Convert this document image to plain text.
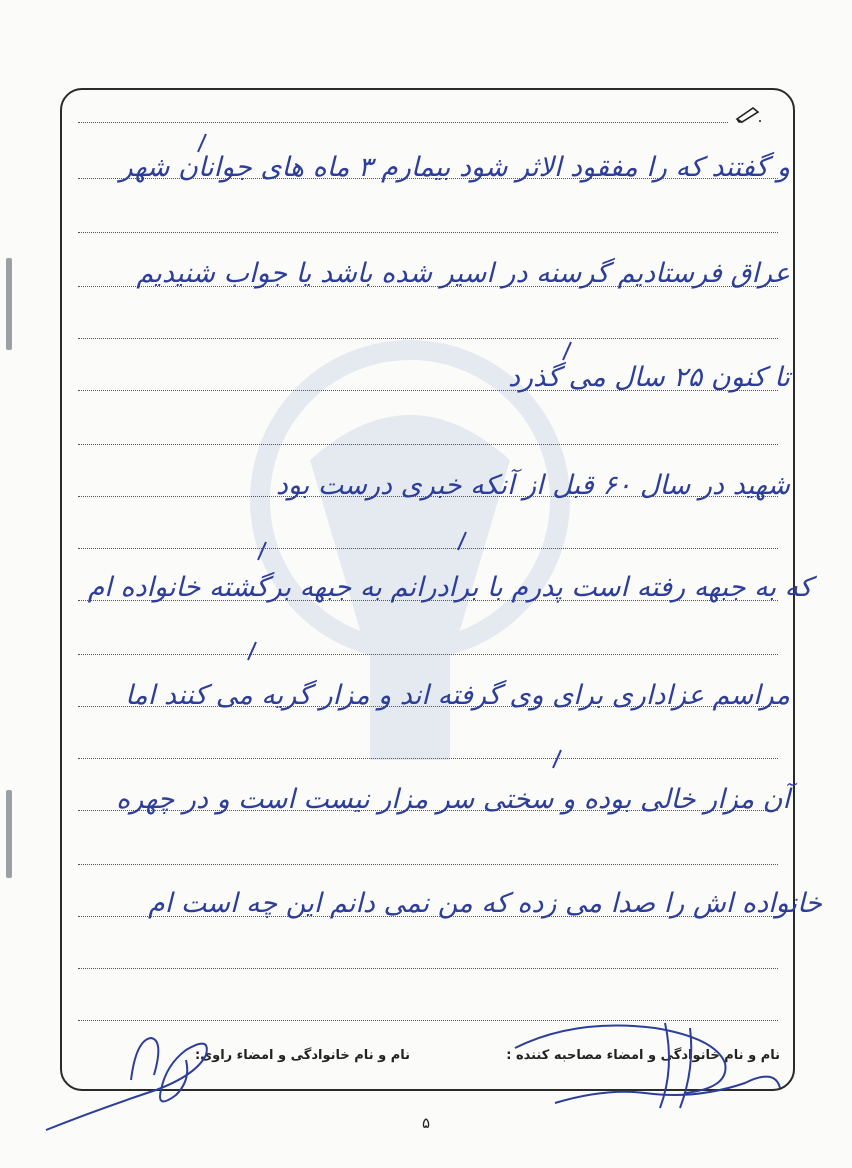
و گفتند که را مفقود الاثر شود بیمارم ۳ ماه های جوانان شهر
عراق فرستادیم گرسنه در اسیر شده باشد یا جواب شنیدیم
تا کنون ۲۵ سال می گذرد
شهید در سال ۶۰ قبل از آنکه خبری درست بود
که به جبهه رفته است پدرم با برادرانم به جبهه برگشته خانواده ام
مراسم عزاداری برای وی گرفته اند و مزار گریه می کنند اما
آن مزار خالی بوده و سختی سر مزار نیست است و در چهره
خانواده اش را صدا می زده که من نمی دانم این چه است ام
نام و نام خانوادگی و امضاء راوی:	نام و نام خانوادگی و امضاء مصاحبه کننده :
۵
